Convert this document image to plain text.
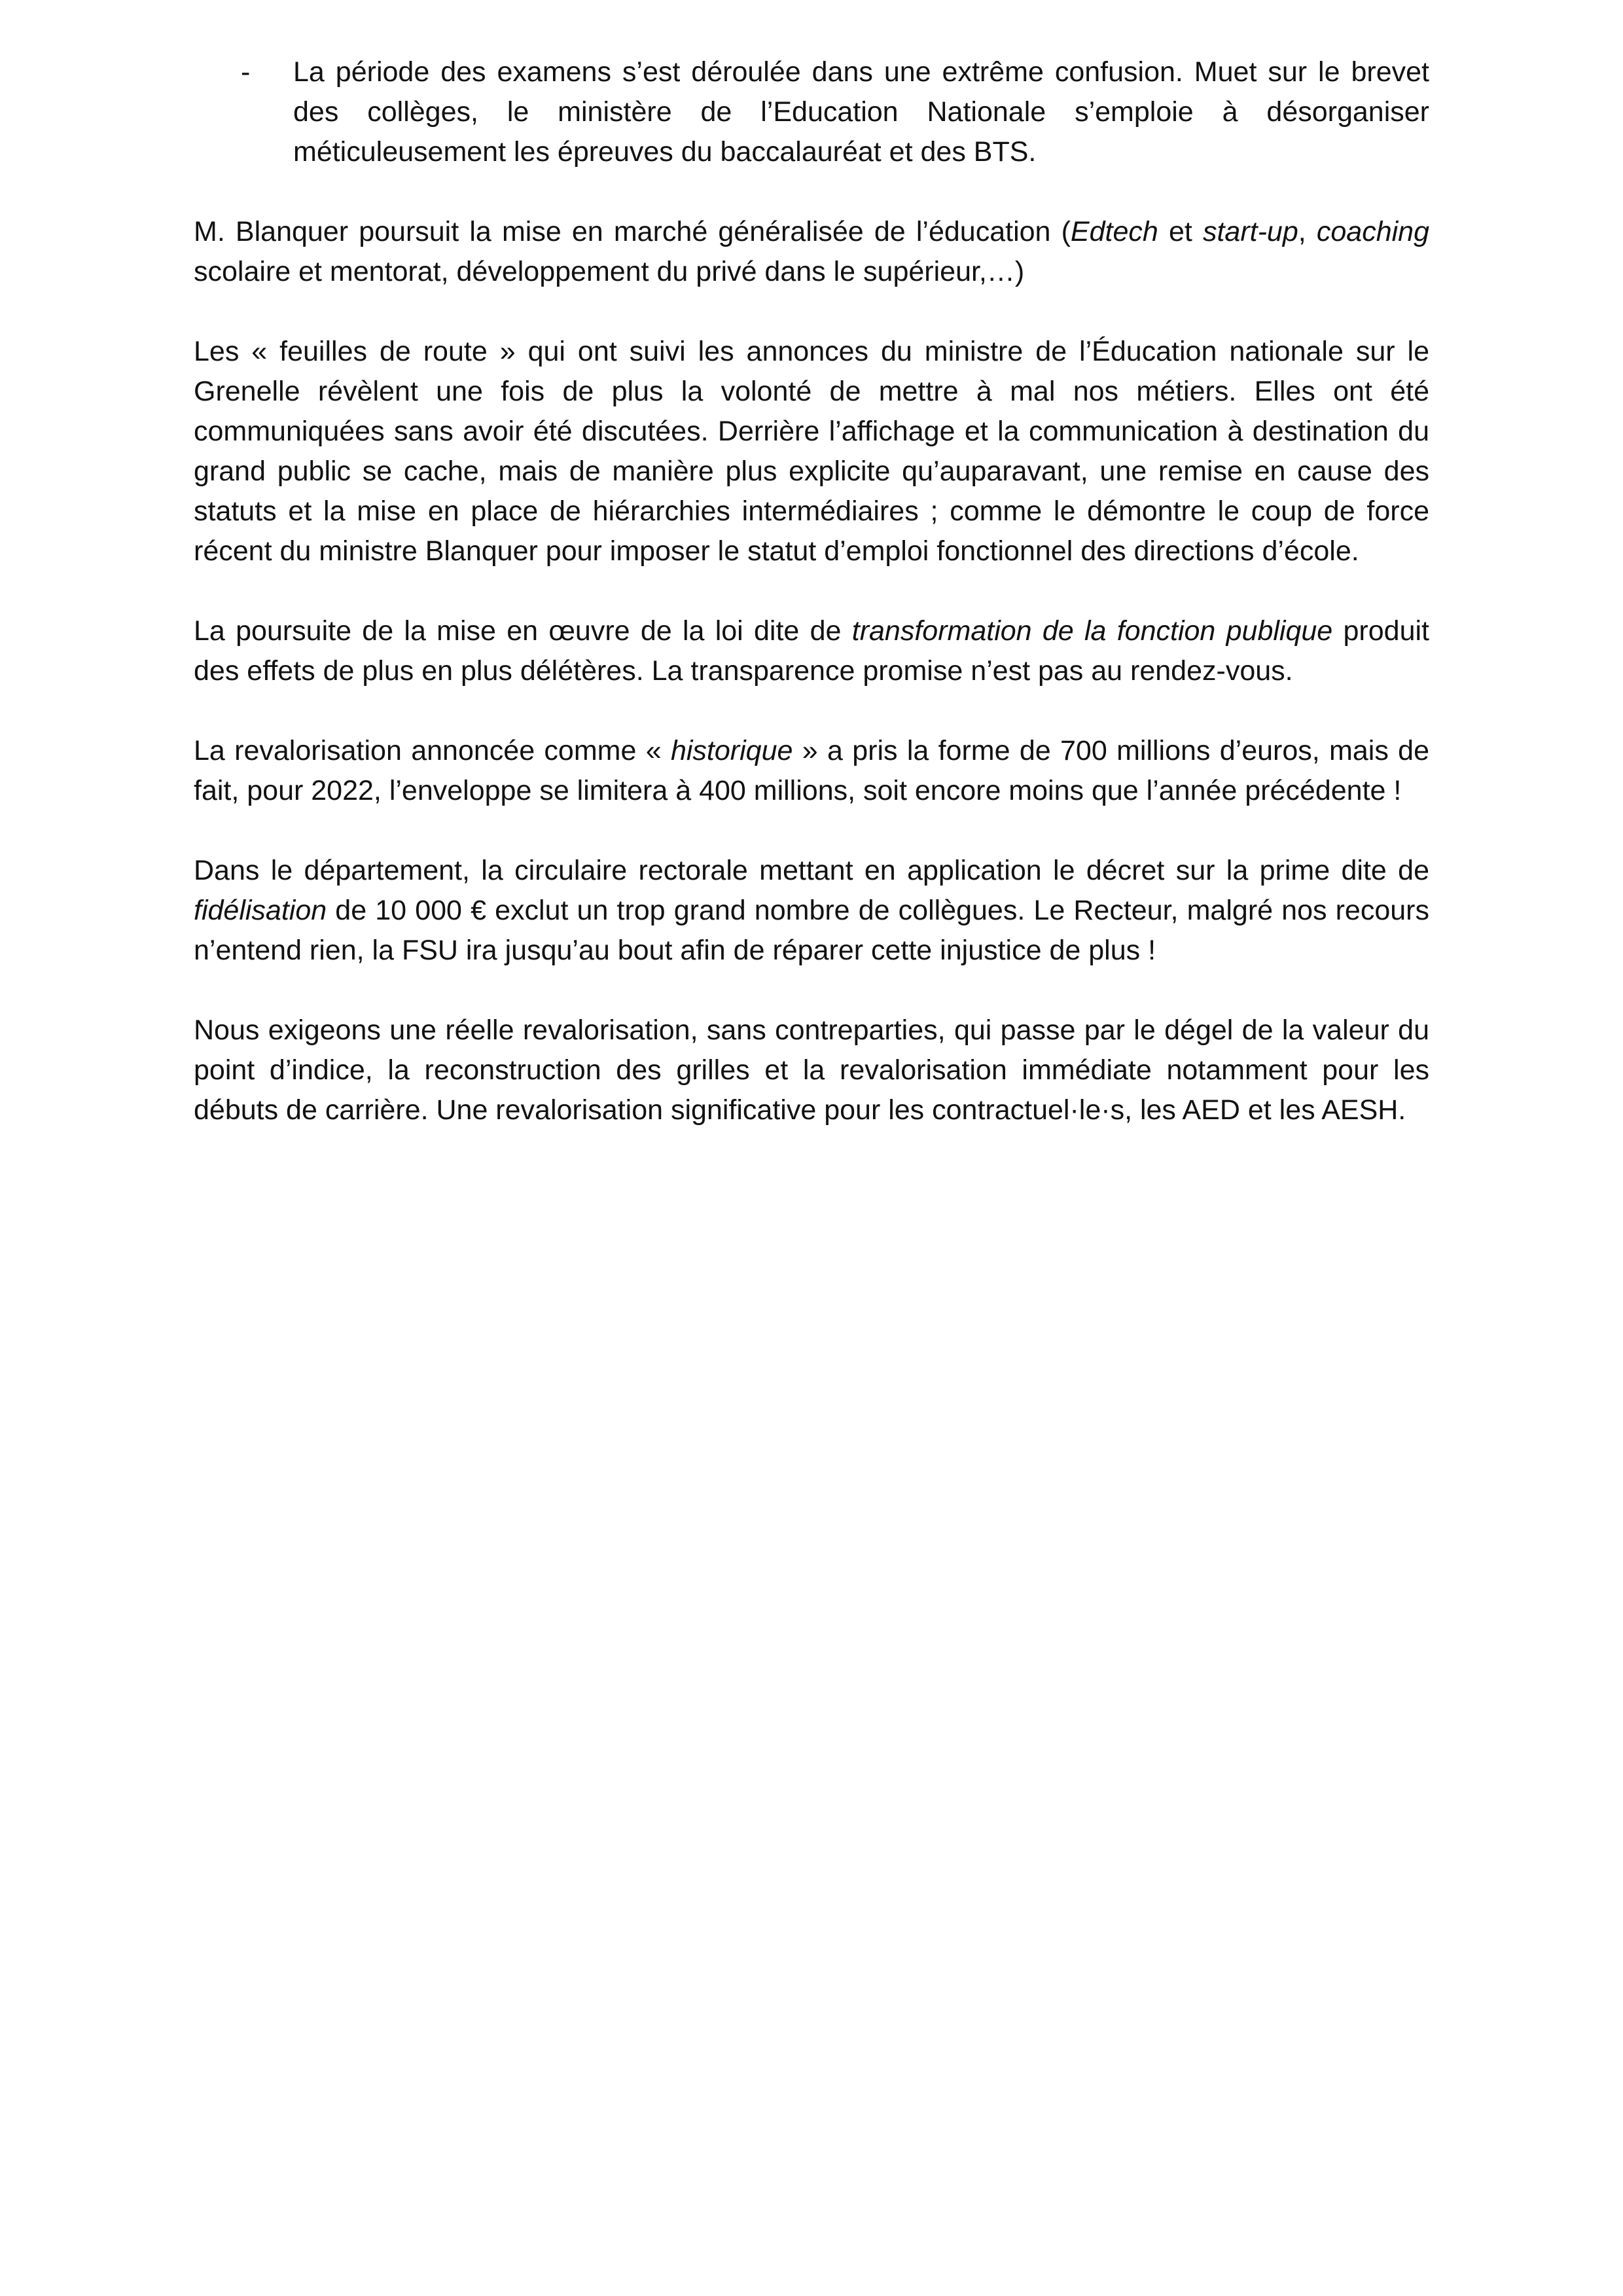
- La période des examens s’est déroulée dans une extrême confusion. Muet sur le brevet des collèges, le ministère de l’Education Nationale s’emploie à désorganiser méticuleusement les épreuves du baccalauréat et des BTS.

M. Blanquer poursuit la mise en marché généralisée de l’éducation (Edtech et start-up, coaching scolaire et mentorat, développement du privé dans le supérieur,…)

Les « feuilles de route » qui ont suivi les annonces du ministre de l’Éducation nationale sur le Grenelle révèlent une fois de plus la volonté de mettre à mal nos métiers. Elles ont été communiquées sans avoir été discutées. Derrière l’affichage et la communication à destination du grand public se cache, mais de manière plus explicite qu’auparavant, une remise en cause des statuts et la mise en place de hiérarchies intermédiaires ; comme le démontre le coup de force récent du ministre Blanquer pour imposer le statut d’emploi fonctionnel des directions d’école.

La poursuite de la mise en œuvre de la loi dite de transformation de la fonction publique produit des effets de plus en plus délétères. La transparence promise n’est pas au rendez-vous.

La revalorisation annoncée comme « historique » a pris la forme de 700 millions d’euros, mais de fait, pour 2022, l’enveloppe se limitera à 400 millions, soit encore moins que l’année précédente !

Dans le département, la circulaire rectorale mettant en application le décret sur la prime dite de fidélisation de 10 000 € exclut un trop grand nombre de collègues. Le Recteur, malgré nos recours n’entend rien, la FSU ira jusqu’au bout afin de réparer cette injustice de plus !

Nous exigeons une réelle revalorisation, sans contreparties, qui passe par le dégel de la valeur du point d’indice, la reconstruction des grilles et la revalorisation immédiate notamment pour les débuts de carrière. Une revalorisation significative pour les contractuel·le·s, les AED et les AESH.
